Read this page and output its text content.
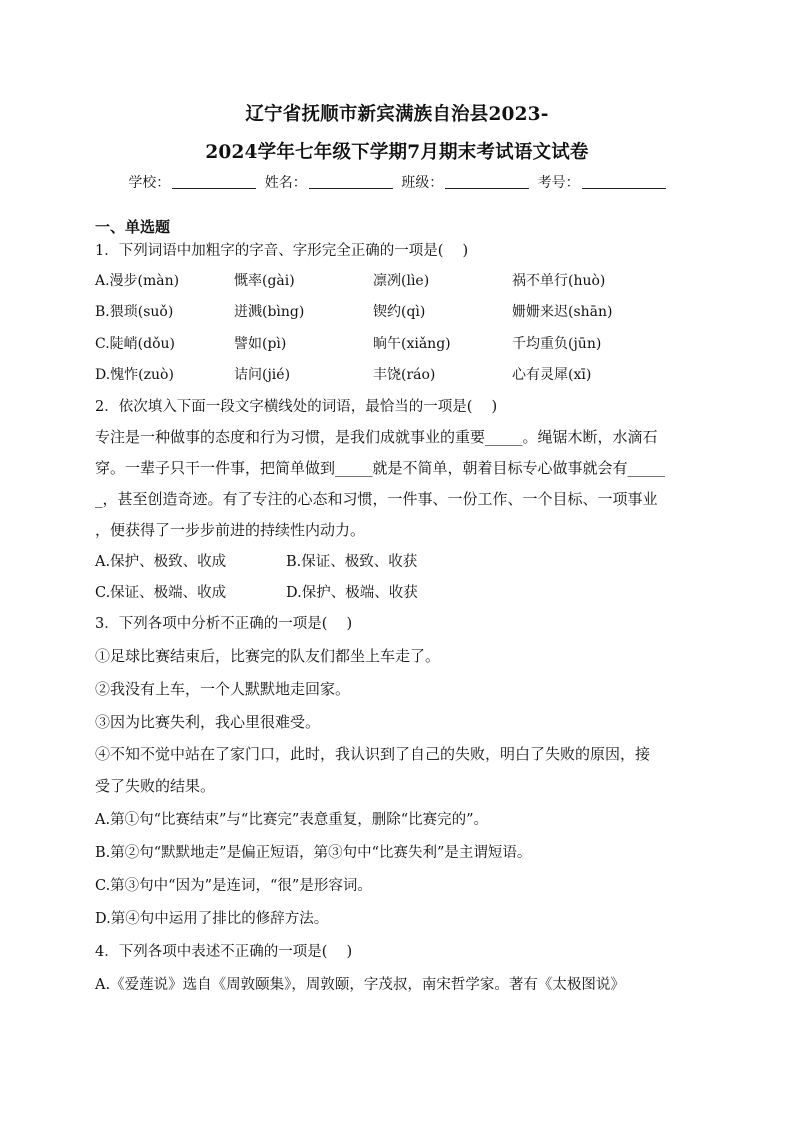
辽宁省抚顺市新宾满族自治县2023-
2024学年七年级下学期7月期末考试语文试卷
学校：	姓名：	班级：	考号：
一、单选题
1．下列词语中加粗字的字音、字形完全正确的一项是(　 )
A.漫步(màn)	慨率(gài)	凛冽(lìe)	祸不单行(huò)
B.猥琐(suǒ)	迸溅(bìng)	锲约(qì)	姗姗来迟(shān)
C.陡峭(dǒu)	譬如(pì)	晌午(xiǎng)	千均重负(jūn)
D.愧怍(zuò)	诘问(jié)	丰饶(ráo)	心有灵犀(xī)
2．依次填入下面一段文字横线处的词语，最恰当的一项是(　 )
专注是一种做事的态度和行为习惯，是我们成就事业的重要_____。绳锯木断，水滴石
穿。一辈子只干一件事，把简单做到_____就是不简单，朝着目标专心做事就会有_____
_，甚至创造奇迹。有了专注的心态和习惯，一件事、一份工作、一个目标、一项事业
，便获得了一步步前进的持续性内动力。
A.保护、极致、收成	B.保证、极致、收获
C.保证、极端、收成	D.保护、极端、收获
3．下列各项中分析不正确的一项是(　 )
①足球比赛结束后，比赛完的队友们都坐上车走了。
②我没有上车，一个人默默地走回家。
③因为比赛失利，我心里很难受。
④不知不觉中站在了家门口，此时，我认识到了自己的失败，明白了失败的原因，接
受了失败的结果。
A.第①句“比赛结束”与“比赛完”表意重复，删除“比赛完的”。
B.第②句“默默地走”是偏正短语，第③句中“比赛失利”是主谓短语。
C.第③句中“因为”是连词，“很”是形容词。
D.第④句中运用了排比的修辞方法。
4．下列各项中表述不正确的一项是(　 )
A.《爱莲说》选自《周敦颐集》，周敦颐，字茂叔，南宋哲学家。著有《太极图说》
